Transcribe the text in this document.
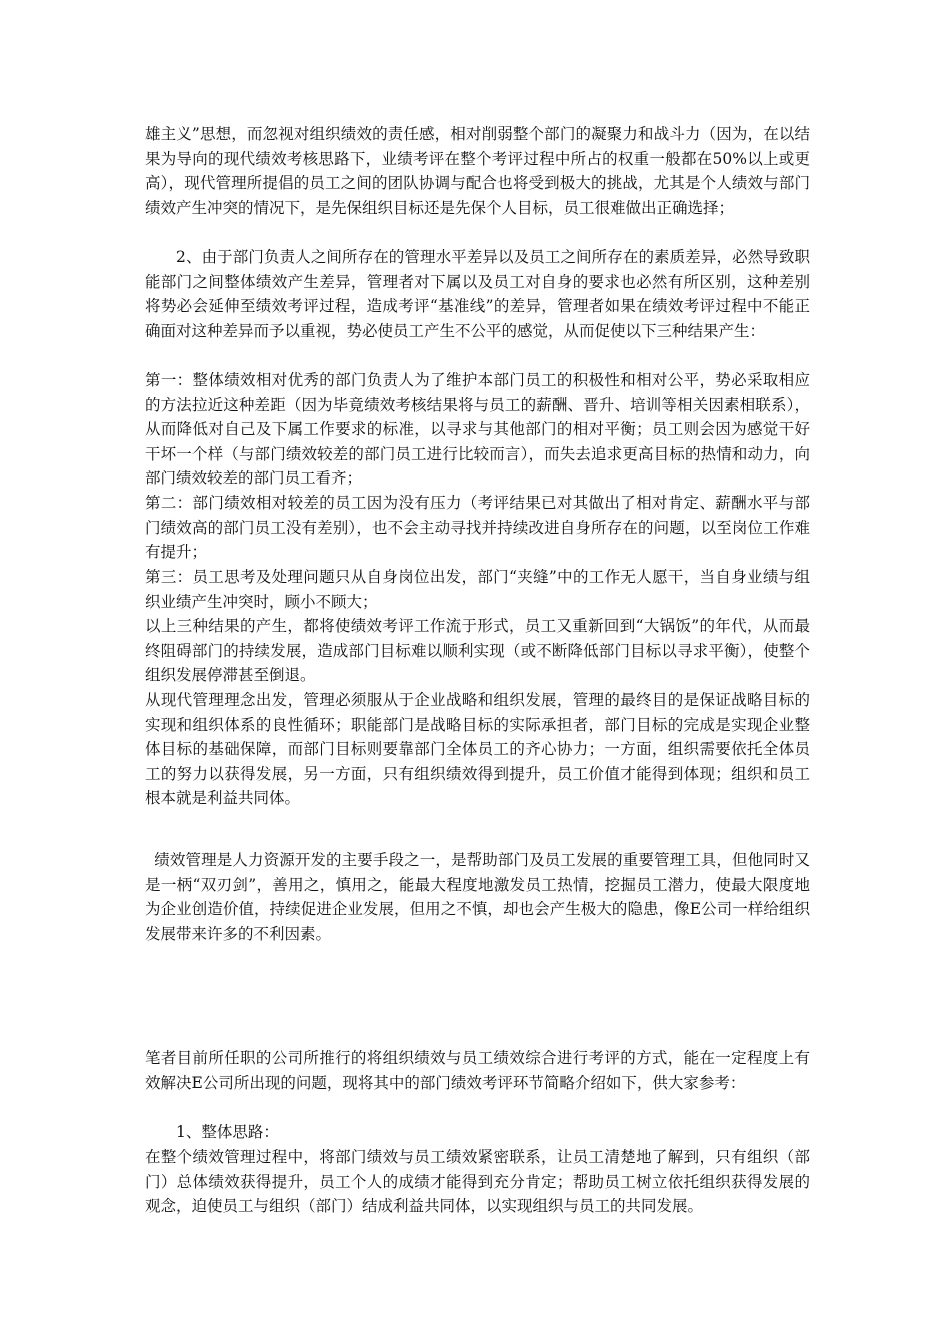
雄主义”思想，而忽视对组织绩效的责任感，相对削弱整个部门的凝聚力和战斗力（因为，在以结果为导向的现代绩效考核思路下，业绩考评在整个考评过程中所占的权重一般都在50%以上或更高），现代管理所提倡的员工之间的团队协调与配合也将受到极大的挑战，尤其是个人绩效与部门绩效产生冲突的情况下，是先保组织目标还是先保个人目标，员工很难做出正确选择；

2、由于部门负责人之间所存在的管理水平差异以及员工之间所存在的素质差异，必然导致职能部门之间整体绩效产生差异，管理者对下属以及员工对自身的要求也必然有所区别，这种差别将势必会延伸至绩效考评过程，造成考评“基准线”的差异，管理者如果在绩效考评过程中不能正确面对这种差异而予以重视，势必使员工产生不公平的感觉，从而促使以下三种结果产生：

第一：整体绩效相对优秀的部门负责人为了维护本部门员工的积极性和相对公平，势必采取相应的方法拉近这种差距（因为毕竟绩效考核结果将与员工的薪酬、晋升、培训等相关因素相联系），从而降低对自己及下属工作要求的标准，以寻求与其他部门的相对平衡；员工则会因为感觉干好干坏一个样（与部门绩效较差的部门员工进行比较而言），而失去追求更高目标的热情和动力，向部门绩效较差的部门员工看齐；

第二：部门绩效相对较差的员工因为没有压力（考评结果已对其做出了相对肯定、薪酬水平与部门绩效高的部门员工没有差别），也不会主动寻找并持续改进自身所存在的问题，以至岗位工作难有提升；

第三：员工思考及处理问题只从自身岗位出发，部门“夹缝”中的工作无人愿干，当自身业绩与组织业绩产生冲突时，顾小不顾大；

以上三种结果的产生，都将使绩效考评工作流于形式，员工又重新回到“大锅饭”的年代，从而最终阻碍部门的持续发展，造成部门目标难以顺利实现（或不断降低部门目标以寻求平衡），使整个组织发展停滞甚至倒退。

从现代管理理念出发，管理必须服从于企业战略和组织发展，管理的最终目的是保证战略目标的实现和组织体系的良性循环；职能部门是战略目标的实际承担者，部门目标的完成是实现企业整体目标的基础保障，而部门目标则要靠部门全体员工的齐心协力；一方面，组织需要依托全体员工的努力以获得发展，另一方面，只有组织绩效得到提升，员工价值才能得到体现；组织和员工根本就是利益共同体。

绩效管理是人力资源开发的主要手段之一，是帮助部门及员工发展的重要管理工具，但他同时又是一柄“双刃剑”，善用之，慎用之，能最大程度地激发员工热情，挖掘员工潜力，使最大限度地为企业创造价值，持续促进企业发展，但用之不慎，却也会产生极大的隐患，像E公司一样给组织发展带来许多的不利因素。

笔者目前所任职的公司所推行的将组织绩效与员工绩效综合进行考评的方式，能在一定程度上有效解决E公司所出现的问题，现将其中的部门绩效考评环节简略介绍如下，供大家参考：

1、整体思路：

在整个绩效管理过程中，将部门绩效与员工绩效紧密联系，让员工清楚地了解到，只有组织（部门）总体绩效获得提升，员工个人的成绩才能得到充分肯定；帮助员工树立依托组织获得发展的观念，迫使员工与组织（部门）结成利益共同体，以实现组织与员工的共同发展。
